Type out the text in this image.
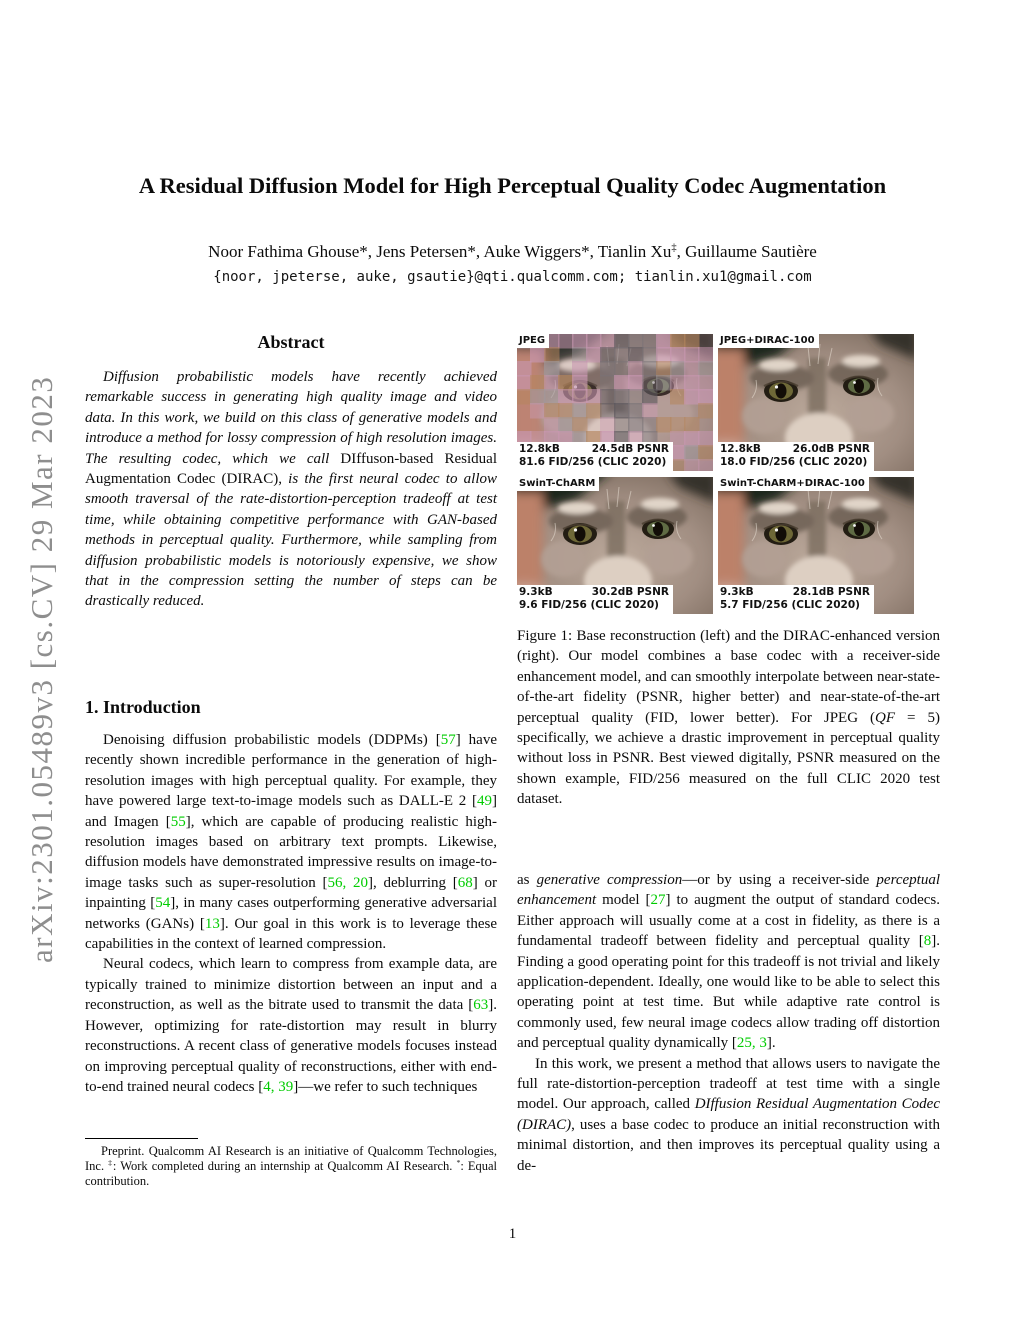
arXiv:2301.05489v3 [cs.CV] 29 Mar 2023
A Residual Diffusion Model for High Perceptual Quality Codec Augmentation
Noor Fathima Ghouse*, Jens Petersen*, Auke Wiggers*, Tianlin Xu‡, Guillaume Sautière
{noor, jpeterse, auke, gsautie}@qti.qualcomm.com; tianlin.xu1@gmail.com

Abstract

Diffusion probabilistic models have recently achieved remarkable success in generating high quality image and video data. In this work, we build on this class of generative models and introduce a method for lossy compression of high resolution images. The resulting codec, which we call DIffuson-based Residual Augmentation Codec (DIRAC), is the first neural codec to allow smooth traversal of the rate-distortion-perception tradeoff at test time, while obtaining competitive performance with GAN-based methods in perceptual quality. Furthermore, while sampling from diffusion probabilistic models is notoriously expensive, we show that in the compression setting the number of steps can be drastically reduced.

1. Introduction

Denoising diffusion probabilistic models (DDPMs) [57] have recently shown incredible performance in the generation of high-resolution images with high perceptual quality. For example, they have powered large text-to-image models such as DALL-E 2 [49] and Imagen [55], which are capable of producing realistic high-resolution images based on arbitrary text prompts. Likewise, diffusion models have demonstrated impressive results on image-to-image tasks such as super-resolution [56, 20], deblurring [68] or inpainting [54], in many cases outperforming generative adversarial networks (GANs) [13]. Our goal in this work is to leverage these capabilities in the context of learned compression.

Neural codecs, which learn to compress from example data, are typically trained to minimize distortion between an input and a reconstruction, as well as the bitrate used to transmit the data [63]. However, optimizing for rate-distortion may result in blurry reconstructions. A recent class of generative models focuses instead on improving perceptual quality of reconstructions, either with end-to-end trained neural codecs [4, 39]—we refer to such techniques

Preprint. Qualcomm AI Research is an initiative of Qualcomm Technologies, Inc. ‡: Work completed during an internship at Qualcomm AI Research. *: Equal contribution.
JPEG
12.8kB	24.5dB PSNR
81.6 FID/256 (CLIC 2020)
JPEG+DIRAC-100
12.8kB	26.0dB PSNR
18.0 FID/256 (CLIC 2020)
SwinT-ChARM
9.3kB	30.2dB PSNR
9.6 FID/256 (CLIC 2020)
SwinT-ChARM+DIRAC-100
9.3kB	28.1dB PSNR
5.7 FID/256 (CLIC 2020)
Figure 1: Base reconstruction (left) and the DIRAC-enhanced version (right). Our model combines a base codec with a receiver-side enhancement model, and can smoothly interpolate between near-state-of-the-art fidelity (PSNR, higher better) and near-state-of-the-art perceptual quality (FID, lower better). For JPEG (QF = 5) specifically, we achieve a drastic improvement in perceptual quality without loss in PSNR. Best viewed digitally, PSNR measured on the shown example, FID/256 measured on the full CLIC 2020 test dataset.

as generative compression—or by using a receiver-side perceptual enhancement model [27] to augment the output of standard codecs. Either approach will usually come at a cost in fidelity, as there is a fundamental tradeoff between fidelity and perceptual quality [8]. Finding a good operating point for this tradeoff is not trivial and likely application-dependent. Ideally, one would like to be able to select this operating point at test time. But while adaptive rate control is commonly used, few neural image codecs allow trading off distortion and perceptual quality dynamically [25, 3].

In this work, we present a method that allows users to navigate the full rate-distortion-perception tradeoff at test time with a single model. Our approach, called DIffusion Residual Augmentation Codec (DIRAC), uses a base codec to produce an initial reconstruction with minimal distortion, and then improves its perceptual quality using a de-

1
